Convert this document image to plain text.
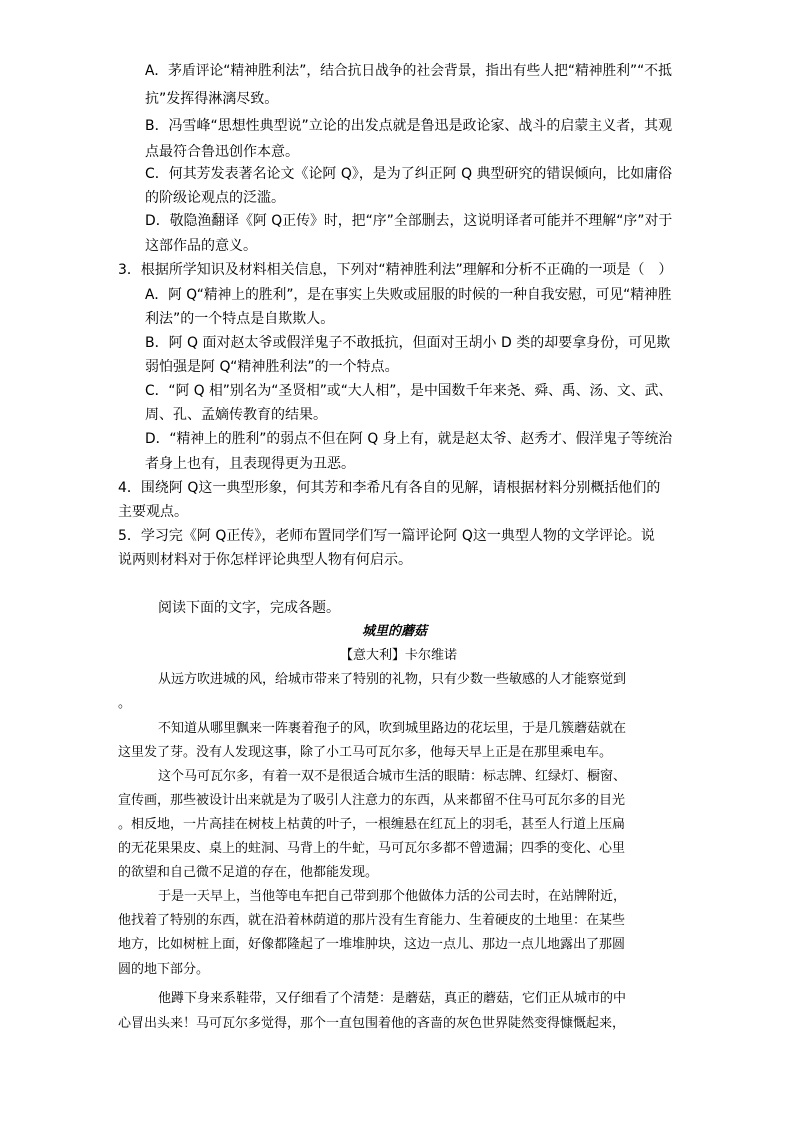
A．茅盾评论“精神胜利法”，结合抗日战争的社会背景，指出有些人把“精神胜利”“不抵
抗”发挥得淋漓尽致。
B．冯雪峰“思想性典型说”立论的出发点就是鲁迅是政论家、战斗的启蒙主义者，其观
点最符合鲁迅创作本意。
C．何其芳发表著名论文《论阿 Q》，是为了纠正阿 Q 典型研究的错误倾向，比如庸俗
的阶级论观点的泛滥。
D．敬隐渔翻译《阿 Q正传》时，把“序”全部删去，这说明译者可能并不理解“序”对于
这部作品的意义。
3．根据所学知识及材料相关信息，下列对“精神胜利法”理解和分析不正确的一项是（　）
A．阿 Q“精神上的胜利”，是在事实上失败或屈服的时候的一种自我安慰，可见“精神胜
利法”的一个特点是自欺欺人。
B．阿 Q 面对赵太爷或假洋鬼子不敢抵抗，但面对王胡小 D 类的却要拿身份，可见欺
弱怕强是阿 Q“精神胜利法”的一个特点。
C．“阿 Q 相”别名为“圣贤相”或“大人相”，是中国数千年来尧、舜、禹、汤、文、武、
周、孔、孟嫡传教育的结果。
D．“精神上的胜利”的弱点不但在阿 Q 身上有，就是赵太爷、赵秀才、假洋鬼子等统治
者身上也有，且表现得更为丑恶。
4．围绕阿 Q这一典型形象，何其芳和李希凡有各自的见解，请根据材料分别概括他们的
主要观点。
5．学习完《阿 Q正传》，老师布置同学们写一篇评论阿 Q这一典型人物的文学评论。说
说两则材料对于你怎样评论典型人物有何启示。
阅读下面的文字，完成各题。
城里的蘑菇
【意大利】卡尔维诺
从远方吹进城的风，给城市带来了特别的礼物，只有少数一些敏感的人才能察觉到
。
不知道从哪里飘来一阵裹着孢子的风，吹到城里路边的花坛里，于是几簇蘑菇就在
这里发了芽。没有人发现这事，除了小工马可瓦尔多，他每天早上正是在那里乘电车。
这个马可瓦尔多，有着一双不是很适合城市生活的眼睛：标志牌、红绿灯、橱窗、
宣传画，那些被设计出来就是为了吸引人注意力的东西，从来都留不住马可瓦尔多的目光
。相反地，一片高挂在树枝上枯黄的叶子，一根缠悬在红瓦上的羽毛，甚至人行道上压扁
的无花果果皮、桌上的蛀洞、马背上的牛虻，马可瓦尔多都不曾遗漏；四季的变化、心里
的欲望和自己微不足道的存在，他都能发现。
于是一天早上，当他等电车把自己带到那个他做体力活的公司去时，在站牌附近，
他找着了特别的东西，就在沿着林荫道的那片没有生育能力、生着硬皮的土地里：在某些
地方，比如树桩上面，好像都隆起了一堆堆肿块，这边一点儿、那边一点儿地露出了那圆
圆的地下部分。
他蹲下身来系鞋带，又仔细看了个清楚：是蘑菇，真正的蘑菇，它们正从城市的中
心冒出头来！马可瓦尔多觉得，那个一直包围着他的吝啬的灰色世界陡然变得慷慨起来，
